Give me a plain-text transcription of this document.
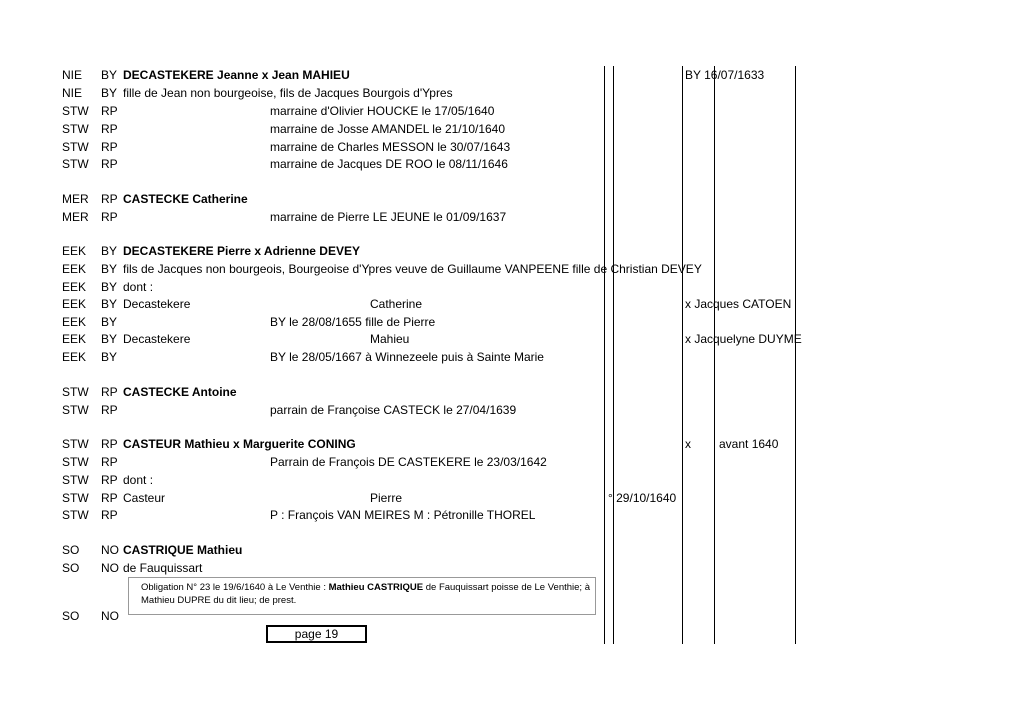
NIE BY DECASTEKERE Jeanne x Jean MAHIEU	BY 16/07/1633
NIE BY fille de Jean non bourgeoise, fils de Jacques Bourgois d'Ypres
STW RP	marraine d'Olivier HOUCKE le 17/05/1640
STW RP	marraine de Josse AMANDEL le 21/10/1640
STW RP	marraine de Charles MESSON le 30/07/1643
STW RP	marraine de Jacques DE ROO le 08/11/1646
MER RP CASTECKE Catherine
MER RP	marraine de Pierre LE JEUNE le 01/09/1637
EEK BY DECASTEKERE Pierre x Adrienne DEVEY
EEK BY fils de Jacques non bourgeois, Bourgeoise d'Ypres veuve de Guillaume VANPEENE fille de Christian DEVEY
EEK BY dont :
EEK BY Decastekere	Catherine	x Jacques CATOEN
EEK BY	BY le 28/08/1655 fille de Pierre
EEK BY Decastekere	Mahieu	x Jacquelyne DUYME
EEK BY	BY le 28/05/1667 à Winnezeele puis à Sainte Marie
STW RP CASTECKE Antoine
STW RP	parrain de Françoise CASTECK le 27/04/1639
STW RP CASTEUR Mathieu x Marguerite CONING	x avant 1640
STW RP	Parrain de François DE CASTEKERE le 23/03/1642
STW RP dont :
STW RP Casteur	Pierre	° 29/10/1640
STW RP	P : François VAN MEIRES M : Pétronille THOREL
SO NO CASTRIQUE Mathieu
SO NO de Fauquissart
SO NO
Obligation N° 23 le 19/6/1640 à Le Venthie : Mathieu CASTRIQUE de Fauquissart poisse de Le Venthie; à Mathieu DUPRE du dit lieu; de prest.
page 19
